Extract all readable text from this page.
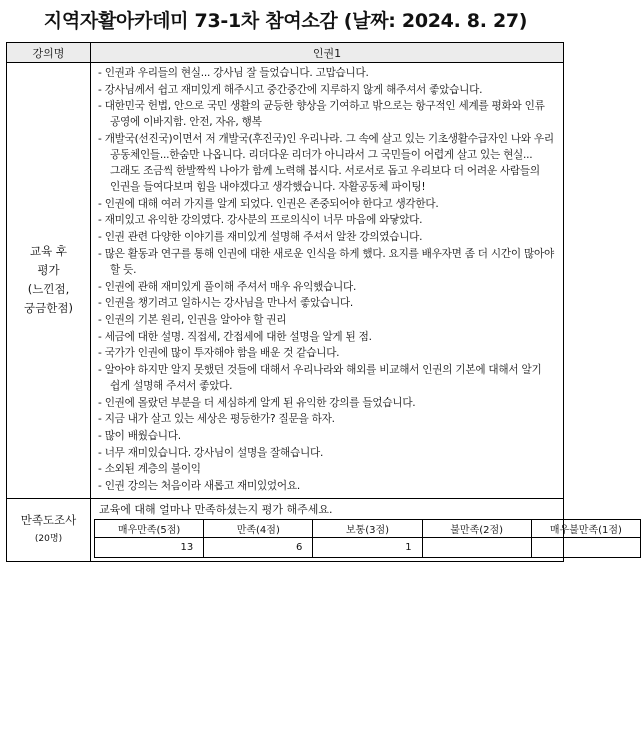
지역자활아카데미 73-1차 참여소감 (날짜: 2024. 8. 27)
강의명	인권1

교육 후
평가
(느낀점,
궁금한점)

- 인권과 우리들의 현실... 강사님 잘 들었습니다. 고맙습니다.
- 강사님께서 쉽고 재미있게 해주시고 중간중간에 지루하지 않게 해주셔서 좋았습니다.
- 대한민국 헌법, 안으로 국민 생활의 균등한 향상을 기여하고 밖으로는 항구적인 세계를 평화와 인류 공영에 이바지함. 안전, 자유, 행복
- 개발국(선진국)이면서 저 개발국(후진국)인 우리나라. 그 속에 살고 있는 기초생활수급자인 나와 우리 공동체인들...한숨만 나옵니다. 리더다운 리더가 아니라서 그 국민들이 어렵게 살고 있는 현실... 그래도 조금씩 한발짝씩 나아가 함께 노력해 봅시다. 서로서로 돕고 우리보다 더 어려운 사람들의 인권을 들여다보며 힘을 내야겠다고 생각했습니다. 자활공동체 파이팅!
- 인권에 대해 여러 가지를 알게 되었다. 인권은 존중되어야 한다고 생각한다.
- 재미있고 유익한 강의였다. 강사분의 프로의식이 너무 마음에 와닿았다.
- 인권 관련 다양한 이야기를 재미있게 설명해 주셔서 알찬 강의였습니다.
- 많은 활동과 연구를 통해 인권에 대한 새로운 인식을 하게 했다. 요지를 배우자면 좀 더 시간이 많아야 할 듯.
- 인권에 관해 재미있게 풀이해 주셔서 매우 유익했습니다.
- 인권을 챙기려고 일하시는 강사님을 만나서 좋았습니다.
- 인권의 기본 원리, 인권을 알아야 할 권리
- 세금에 대한 설명. 직접세, 간접세에 대한 설명을 알게 된 점.
- 국가가 인권에 많이 투자해야 함을 배운 것 같습니다.
- 알아야 하지만 알지 못했던 것들에 대해서 우리나라와 해외를 비교해서 인권의 기본에 대해서 알기 쉽게 설명해 주셔서 좋았다.
- 인권에 몰랐던 부분을 더 세심하게 알게 된 유익한 강의를 들었습니다.
- 지금 내가 살고 있는 세상은 평등한가? 질문을 하자.
- 많이 배웠습니다.
- 너무 재미있습니다. 강사님이 설명을 잘해습니다.
- 소외된 계층의 불이익
- 인권 강의는 처음이라 새롭고 재미있었어요.

만족도조사
(20명)

교육에 대해 얼마나 만족하셨는지 평가 해주세요.
매우만족(5점)	만족(4점)	보통(3점)	불만족(2점)	매우불만족(1점)
13	6	1		
